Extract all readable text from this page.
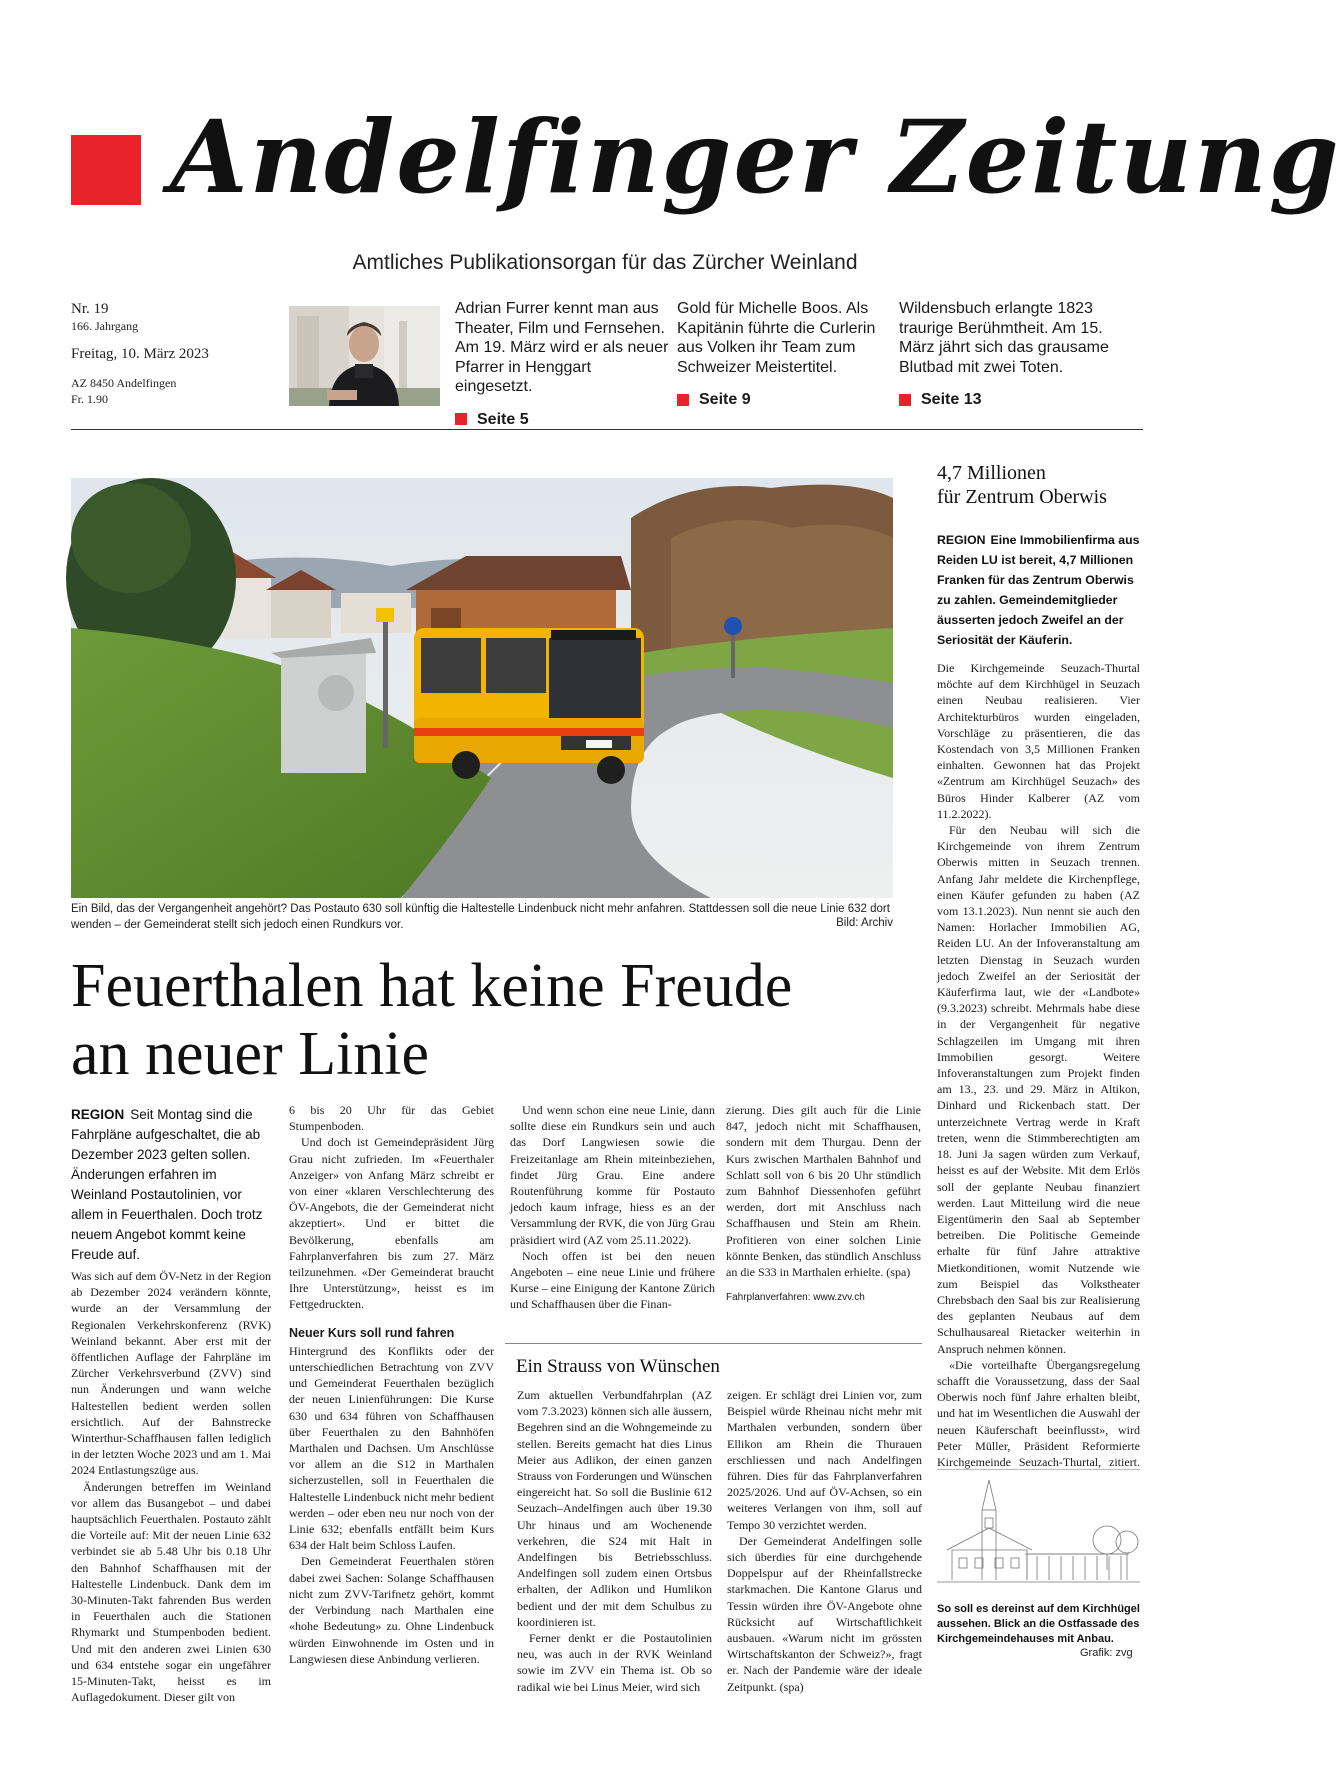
Andelfinger Zeitung
Amtliches Publikationsorgan für das Zürcher Weinland
Nr. 19
166. Jahrgang
Freitag, 10. März 2023
AZ 8450 Andelfingen
Fr. 1.90
Adrian Furrer kennt man aus Theater, Film und Fernsehen. Am 19. März wird er als neuer Pfarrer in Henggart eingesetzt.
Seite 5
Gold für Michelle Boos. Als Kapitänin führte die Curlerin aus Volken ihr Team zum Schweizer Meistertitel.
Seite 9
Wildensbuch erlangte 1823 traurige Berühmtheit. Am 15. März jährt sich das grausame Blutbad mit zwei Toten.
Seite 13
Ein Bild, das der Vergangenheit angehört? Das Postauto 630 soll künftig die Haltestelle Lindenbuck nicht mehr anfahren. Stattdessen soll die neue Linie 632 dort wenden – der Gemeinderat stellt sich jedoch einen Rundkurs vor.	Bild: Archiv
Feuerthalen hat keine Freude
an neuer Linie
REGION Seit Montag sind die Fahrpläne aufgeschaltet, die ab Dezember 2023 gelten sollen. Änderungen erfahren im Weinland Postautolinien, vor allem in Feuerthalen. Doch trotz neuem Angebot kommt keine Freude auf.

Was sich auf dem ÖV-Netz in der Region ab Dezember 2024 verändern könnte, wurde an der Versammlung der Regionalen Verkehrskonferenz (RVK) Weinland bekannt. Aber erst mit der öffentlichen Auflage der Fahrpläne im Zürcher Verkehrsverbund (ZVV) sind nun Änderungen und wann welche Haltestellen bedient werden sollen ersichtlich. Auf der Bahnstrecke Winterthur-Schaffhausen fallen lediglich in der letzten Woche 2023 und am 1. Mai 2024 Entlastungszüge aus.

Änderungen betreffen im Weinland vor allem das Busangebot – und dabei hauptsächlich Feuerthalen. Postauto zählt die Vorteile auf: Mit der neuen Linie 632 verbindet sie ab 5.48 Uhr bis 0.18 Uhr den Bahnhof Schaffhausen mit der Haltestelle Lindenbuck. Dank dem im 30-Minuten-Takt fahrenden Bus werden in Feuerthalen auch die Stationen Rhymarkt und Stumpenboden bedient. Und mit den anderen zwei Linien 630 und 634 entstehe sogar ein ungefährer 15-Minuten-Takt, heisst es im Auflagedokument. Dieser gilt von

6 bis 20 Uhr für das Gebiet Stumpenboden.

Und doch ist Gemeindepräsident Jürg Grau nicht zufrieden. Im «Feuerthaler Anzeiger» von Anfang März schreibt er von einer «klaren Verschlechterung des ÖV-Angebots, die der Gemeinderat nicht akzeptiert». Und er bittet die Bevölkerung, ebenfalls am Fahrplanverfahren bis zum 27. März teilzunehmen. «Der Gemeinderat braucht Ihre Unterstützung», heisst es im Fettgedruckten.

Neuer Kurs soll rund fahren

Hintergrund des Konflikts oder der unterschiedlichen Betrachtung von ZVV und Gemeinderat Feuerthalen bezüglich der neuen Linienführungen: Die Kurse 630 und 634 führen von Schaffhausen über Feuerthalen zu den Bahnhöfen Marthalen und Dachsen. Um Anschlüsse vor allem an die S12 in Marthalen sicherzustellen, soll in Feuerthalen die Haltestelle Lindenbuck nicht mehr bedient werden – oder eben neu nur noch von der Linie 632; ebenfalls entfällt beim Kurs 634 der Halt beim Schloss Laufen.

Den Gemeinderat Feuerthalen stören dabei zwei Sachen: Solange Schaffhausen nicht zum ZVV-Tarifnetz gehört, kommt der Verbindung nach Marthalen eine «hohe Bedeutung» zu. Ohne Lindenbuck würden Einwohnende im Osten und in Langwiesen diese Anbindung verlieren.

Und wenn schon eine neue Linie, dann sollte diese ein Rundkurs sein und auch das Dorf Langwiesen sowie die Freizeitanlage am Rhein miteinbeziehen, findet Jürg Grau. Eine andere Routenführung komme für Postauto jedoch kaum infrage, hiess es an der Versammlung der RVK, die von Jürg Grau präsidiert wird (AZ vom 25.11.2022).

Noch offen ist bei den neuen Angeboten – eine neue Linie und frühere Kurse – eine Einigung der Kantone Zürich und Schaffhausen über die Finan-

zierung. Dies gilt auch für die Linie 847, jedoch nicht mit Schaffhausen, sondern mit dem Thurgau. Denn der Kurs zwischen Marthalen Bahnhof und Schlatt soll von 6 bis 20 Uhr stündlich zum Bahnhof Diessenhofen geführt werden, dort mit Anschluss nach Schaffhausen und Stein am Rhein. Profitieren von einer solchen Linie könnte Benken, das stündlich Anschluss an die S33 in Marthalen erhielte. (spa)

Fahrplanverfahren: www.zvv.ch
Ein Strauss von Wünschen

Zum aktuellen Verbundfahrplan (AZ vom 7.3.2023) können sich alle äussern, Begehren sind an die Wohngemeinde zu stellen. Bereits gemacht hat dies Linus Meier aus Adlikon, der einen ganzen Strauss von Forderungen und Wünschen eingereicht hat. So soll die Buslinie 612 Seuzach–Andelfingen auch über 19.30 Uhr hinaus und am Wochenende verkehren, die S24 mit Halt in Andelfingen bis Betriebsschluss. Andelfingen soll zudem einen Ortsbus erhalten, der Adlikon und Humlikon bedient und der mit dem Schulbus zu koordinieren ist.

Ferner denkt er die Postautolinien neu, was auch in der RVK Weinland sowie im ZVV ein Thema ist. Ob so radikal wie bei Linus Meier, wird sich

zeigen. Er schlägt drei Linien vor, zum Beispiel würde Rheinau nicht mehr mit Marthalen verbunden, sondern über Ellikon am Rhein die Thurauen erschliessen und nach Andelfingen führen. Dies für das Fahrplanverfahren 2025/2026. Und auf ÖV-Achsen, so ein weiteres Verlangen von ihm, soll auf Tempo 30 verzichtet werden.

Der Gemeinderat Andelfingen solle sich überdies für eine durchgehende Doppelspur auf der Rheinfallstrecke starkmachen. Die Kantone Glarus und Tessin würden ihre ÖV-Angebote ohne Rücksicht auf Wirtschaftlichkeit ausbauen. «Warum nicht im grössten Wirtschaftskanton der Schweiz?», fragt er. Nach der Pandemie wäre der ideale Zeitpunkt. (spa)

4,7 Millionen
für Zentrum Oberwis
REGION Eine Immobilienfirma aus Reiden LU ist bereit, 4,7 Millionen Franken für das Zentrum Oberwis zu zahlen. Gemeindemitglieder äusserten jedoch Zweifel an der Seriosität der Käuferin.

Die Kirchgemeinde Seuzach-Thurtal möchte auf dem Kirchhügel in Seuzach einen Neubau realisieren. Vier Architekturbüros wurden eingeladen, Vorschläge zu präsentieren, die das Kostendach von 3,5 Millionen Franken einhalten. Gewonnen hat das Projekt «Zentrum am Kirchhügel Seuzach» des Büros Hinder Kalberer (AZ vom 11.2.2022).

Für den Neubau will sich die Kirchgemeinde von ihrem Zentrum Oberwis mitten in Seuzach trennen. Anfang Jahr meldete die Kirchenpflege, einen Käufer gefunden zu haben (AZ vom 13.1.2023). Nun nennt sie auch den Namen: Horlacher Immobilien AG, Reiden LU. An der Infoveranstaltung am letzten Dienstag in Seuzach wurden jedoch Zweifel an der Seriosität der Käuferfirma laut, wie der «Landbote» (9.3.2023) schreibt. Mehrmals habe diese in der Vergangenheit für negative Schlagzeilen im Umgang mit ihren Immobilien gesorgt. Weitere Infoveranstaltungen zum Projekt finden am 13., 23. und 29. März in Altikon, Dinhard und Rickenbach statt. Der unterzeichnete Vertrag werde in Kraft treten, wenn die Stimmberechtigten am 18. Juni Ja sagen würden zum Verkauf, heisst es auf der Website. Mit dem Erlös soll der geplante Neubau finanziert werden. Laut Mitteilung wird die neue Eigentümerin den Saal ab September betreiben. Die Politische Gemeinde erhalte für fünf Jahre attraktive Mietkonditionen, womit Nutzende wie zum Beispiel das Volkstheater Chrebsbach den Saal bis zur Realisierung des geplanten Neubaus auf dem Schulhausareal Rietacker weiterhin in Anspruch nehmen können.

«Die vorteilhafte Übergangsregelung schafft die Voraussetzung, dass der Saal Oberwis noch fünf Jahre erhalten bleibt, und hat im Wesentlichen die Auswahl der neuen Käuferschaft beeinflusst», wird Peter Müller, Präsident Reformierte Kirchgemeinde Seuzach-Thurtal, zitiert.

So soll es dereinst auf dem Kirchhügel aussehen. Blick an die Ostfassade des Kirchgemeindehauses mit Anbau.
Grafik: zvg
